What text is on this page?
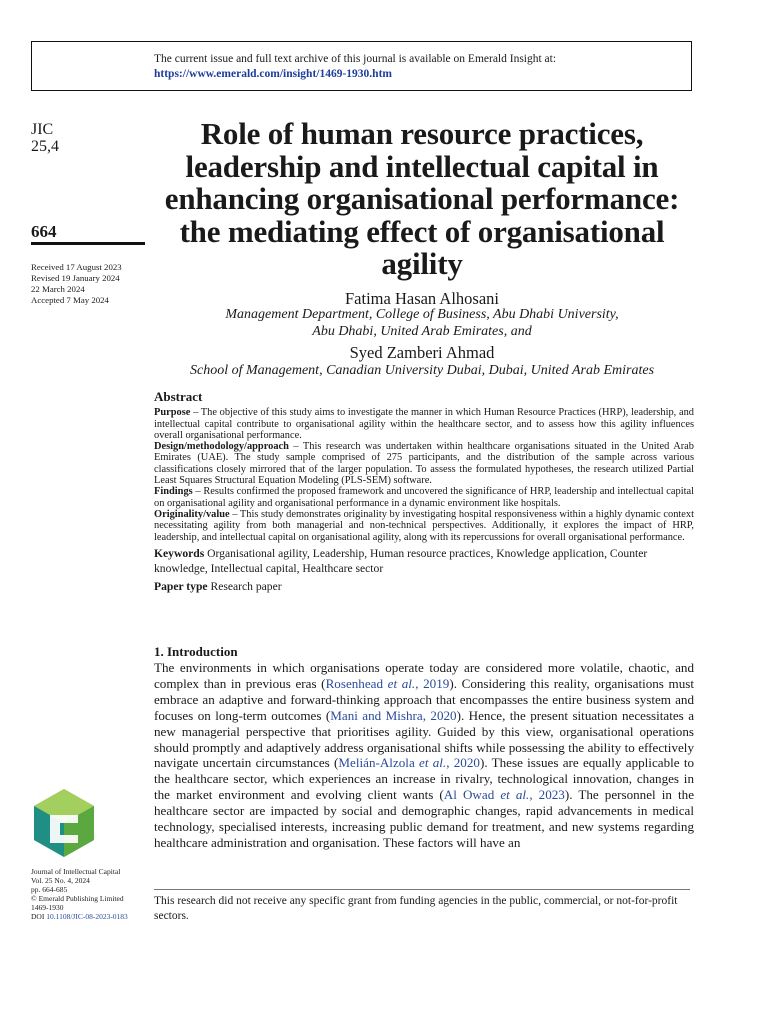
The current issue and full text archive of this journal is available on Emerald Insight at:
https://www.emerald.com/insight/1469-1930.htm
JIC
25,4
664
Received 17 August 2023
Revised 19 January 2024
22 March 2024
Accepted 7 May 2024
Role of human resource practices, leadership and intellectual capital in enhancing organisational performance: the mediating effect of organisational agility
Fatima Hasan Alhosani
Management Department, College of Business, Abu Dhabi University,
Abu Dhabi, United Arab Emirates, and
Syed Zamberi Ahmad
School of Management, Canadian University Dubai, Dubai, United Arab Emirates
Abstract

Purpose – The objective of this study aims to investigate the manner in which Human Resource Practices (HRP), leadership, and intellectual capital contribute to organisational agility within the healthcare sector, and to assess how this agility influences overall organisational performance.

Design/methodology/approach – This research was undertaken within healthcare organisations situated in the United Arab Emirates (UAE). The study sample comprised of 275 participants, and the distribution of the sample across various classifications closely mirrored that of the larger population. To assess the formulated hypotheses, the research utilized Partial Least Squares Structural Equation Modeling (PLS-SEM) software.

Findings – Results confirmed the proposed framework and uncovered the significance of HRP, leadership and intellectual capital on organisational agility and organisational performance in a dynamic environment like hospitals.

Originality/value – This study demonstrates originality by investigating hospital responsiveness within a highly dynamic context necessitating agility from both managerial and non-technical perspectives. Additionally, it explores the impact of HRP, leadership, and intellectual capital on organisational agility, along with its repercussions for overall organisational performance.

Keywords Organisational agility, Leadership, Human resource practices, Knowledge application, Counter knowledge, Intellectual capital, Healthcare sector

Paper type Research paper

1. Introduction

The environments in which organisations operate today are considered more volatile, chaotic, and complex than in previous eras (Rosenhead et al., 2019). Considering this reality, organisations must embrace an adaptive and forward-thinking approach that encompasses the entire business system and focuses on long-term outcomes (Mani and Mishra, 2020). Hence, the present situation necessitates a new managerial perspective that prioritises agility. Guided by this view, organisational operations should promptly and adaptively address organisational shifts while possessing the ability to effectively navigate uncertain circumstances (Melián-Alzola et al., 2020). These issues are equally applicable to the healthcare sector, which experiences an increase in rivalry, technological innovation, changes in the market environment and evolving client wants (Al Owad et al., 2023). The personnel in the healthcare sector are impacted by social and demographic changes, rapid advancements in medical technology, specialised interests, increasing public demand for treatment, and new systems regarding healthcare administration and organisation. These factors will have an

This research did not receive any specific grant from funding agencies in the public, commercial, or not-for-profit sectors.
Journal of Intellectual Capital
Vol. 25 No. 4, 2024
pp. 664-685
© Emerald Publishing Limited
1469-1930
DOI 10.1108/JIC-08-2023-0183
